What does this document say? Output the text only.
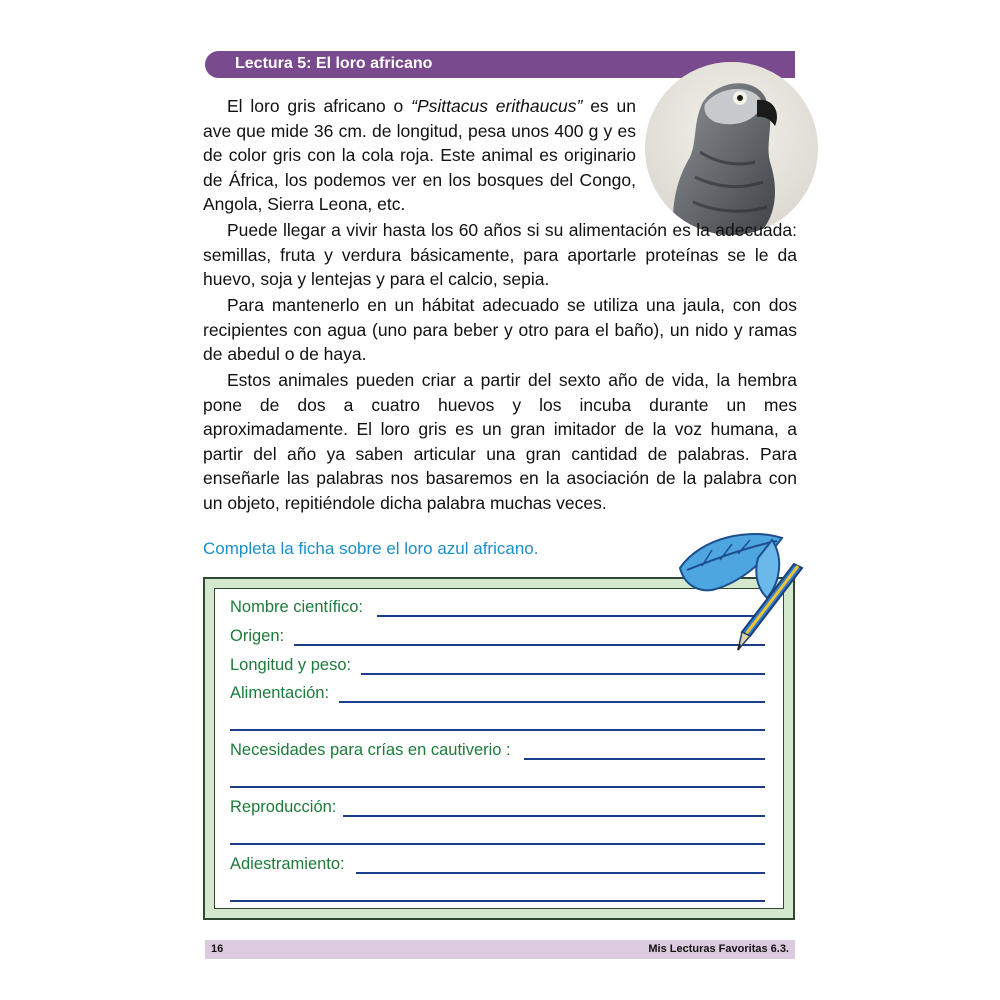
Lectura 5: El loro africano

El loro gris africano o “Psittacus erithaucus” es un ave que mide 36 cm. de longitud, pesa unos 400 g y es de color gris con la cola roja. Este animal es originario de África, los podemos ver en los bosques del Congo, Angola, Sierra Leona, etc.

Puede llegar a vivir hasta los 60 años si su alimentación es la adecuada: semillas, fruta y verdura básicamente, para aportarle proteínas se le da huevo, soja y lentejas y para el calcio, sepia.

Para mantenerlo en un hábitat adecuado se utiliza una jaula, con dos recipientes con agua (uno para beber y otro para el baño), un nido y ramas de abedul o de haya.

Estos animales pueden criar a partir del sexto año de vida, la hembra pone de dos a cuatro huevos y los incuba durante un mes aproximadamente. El loro gris es un gran imitador de la voz humana, a partir del año ya saben articular una gran cantidad de palabras. Para enseñarle las palabras nos basaremos en la asociación de la palabra con un objeto, repitiéndole dicha palabra muchas veces.

Completa la ficha sobre el loro azul africano.
Nombre científico:
Origen:
Longitud y peso:
Alimentación:
Necesidades para crías en cautiverio :
Reproducción:
Adiestramiento:
16	Mis Lecturas Favoritas 6.3.
